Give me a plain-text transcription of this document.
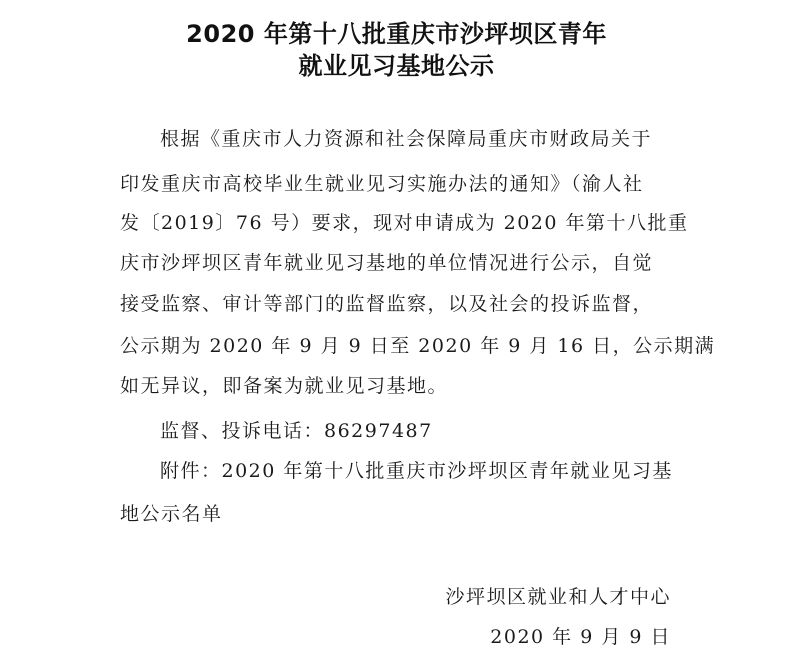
2020 年第十八批重庆市沙坪坝区青年
就业见习基地公示
根据《重庆市人力资源和社会保障局重庆市财政局关于
印发重庆市高校毕业生就业见习实施办法的通知》（渝人社
发〔2019〕76 号）要求，现对申请成为 2020 年第十八批重
庆市沙坪坝区青年就业见习基地的单位情况进行公示，自觉
接受监察、审计等部门的监督监察，以及社会的投诉监督，
公示期为 2020 年 9 月 9 日至 2020 年 9 月 16 日，公示期满
如无异议，即备案为就业见习基地。
监督、投诉电话：86297487
附件：2020 年第十八批重庆市沙坪坝区青年就业见习基
地公示名单
沙坪坝区就业和人才中心
2020 年 9 月 9 日
